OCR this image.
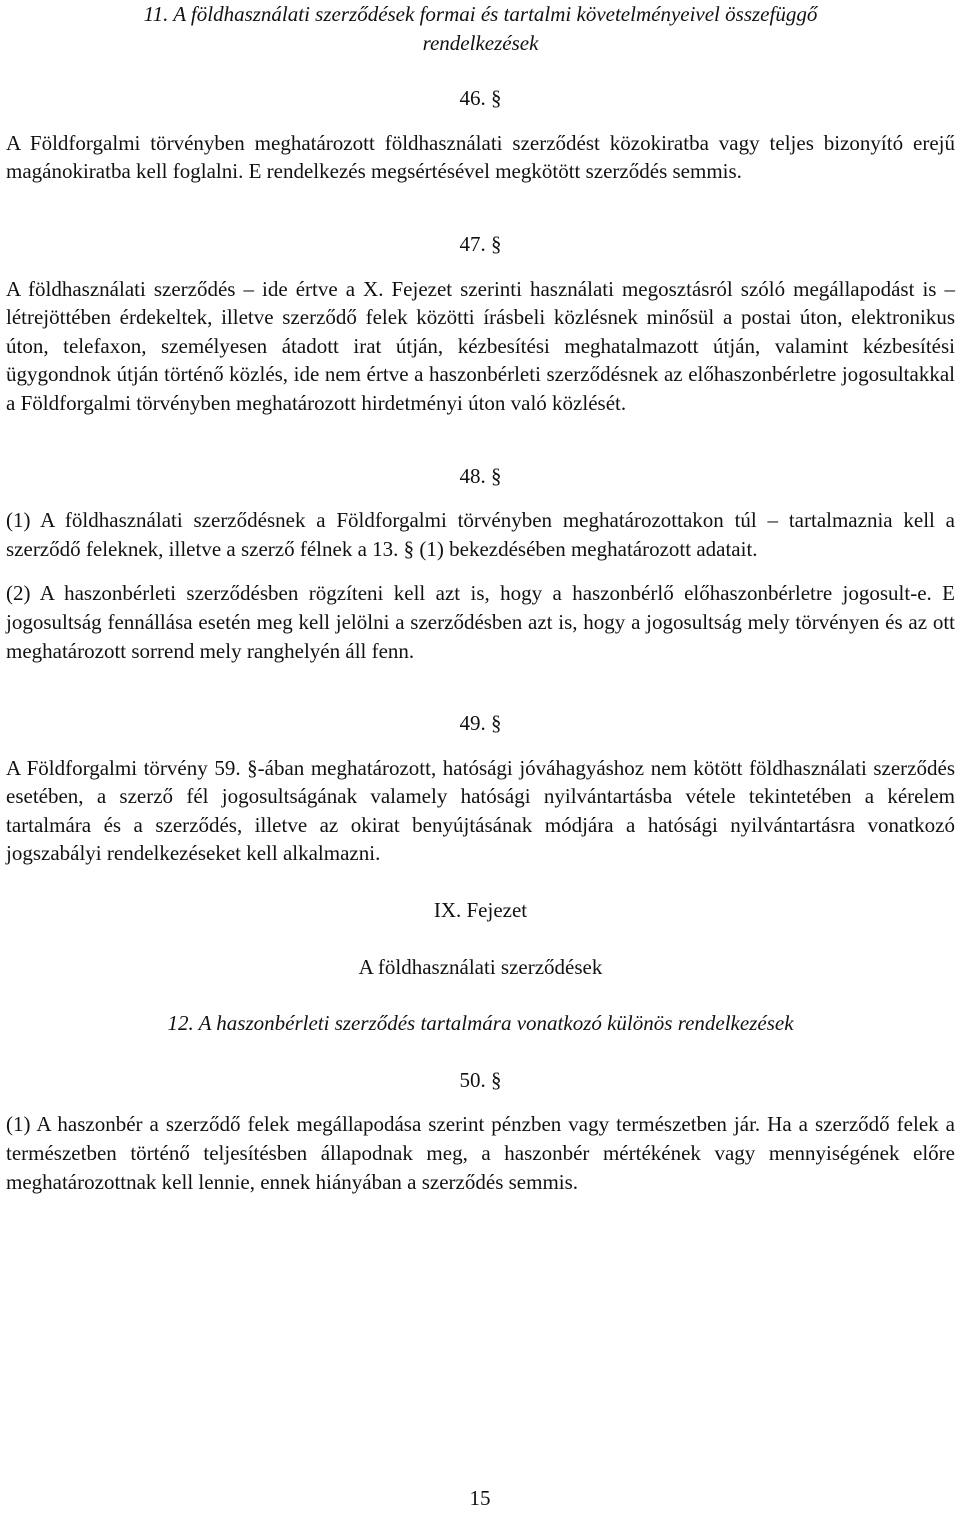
11. A földhasználati szerződések formai és tartalmi követelményeivel összefüggő
rendelkezések
46. §

A Földforgalmi törvényben meghatározott földhasználati szerződést közokiratba vagy teljes bizonyító erejű magánokiratba kell foglalni. E rendelkezés megsértésével megkötött szerződés semmis.

47. §

A földhasználati szerződés – ide értve a X. Fejezet szerinti használati megosztásról szóló megállapodást is – létrejöttében érdekeltek, illetve szerződő felek közötti írásbeli közlésnek minősül a postai úton, elektronikus úton, telefaxon, személyesen átadott irat útján, kézbesítési meghatalmazott útján, valamint kézbesítési ügygondnok útján történő közlés, ide nem értve a haszonbérleti szerződésnek az előhaszonbérletre jogosultakkal a Földforgalmi törvényben meghatározott hirdetményi úton való közlését.

48. §

(1) A földhasználati szerződésnek a Földforgalmi törvényben meghatározottakon túl – tartalmaznia kell a szerződő feleknek, illetve a szerző félnek a 13. § (1) bekezdésében meghatározott adatait.

(2) A haszonbérleti szerződésben rögzíteni kell azt is, hogy a haszonbérlő előhaszonbérletre jogosult-e. E jogosultság fennállása esetén meg kell jelölni a szerződésben azt is, hogy a jogosultság mely törvényen és az ott meghatározott sorrend mely ranghelyén áll fenn.

49. §

A Földforgalmi törvény 59. §-ában meghatározott, hatósági jóváhagyáshoz nem kötött földhasználati szerződés esetében, a szerző fél jogosultságának valamely hatósági nyilvántartásba vétele tekintetében a kérelem tartalmára és a szerződés, illetve az okirat benyújtásának módjára a hatósági nyilvántartásra vonatkozó jogszabályi rendelkezéseket kell alkalmazni.

IX. Fejezet
A földhasználati szerződések
12. A haszonbérleti szerződés tartalmára vonatkozó különös rendelkezések
50. §

(1) A haszonbér a szerződő felek megállapodása szerint pénzben vagy természetben jár. Ha a szerződő felek a természetben történő teljesítésben állapodnak meg, a haszonbér mértékének vagy mennyiségének előre meghatározottnak kell lennie, ennek hiányában a szerződés semmis.

15
